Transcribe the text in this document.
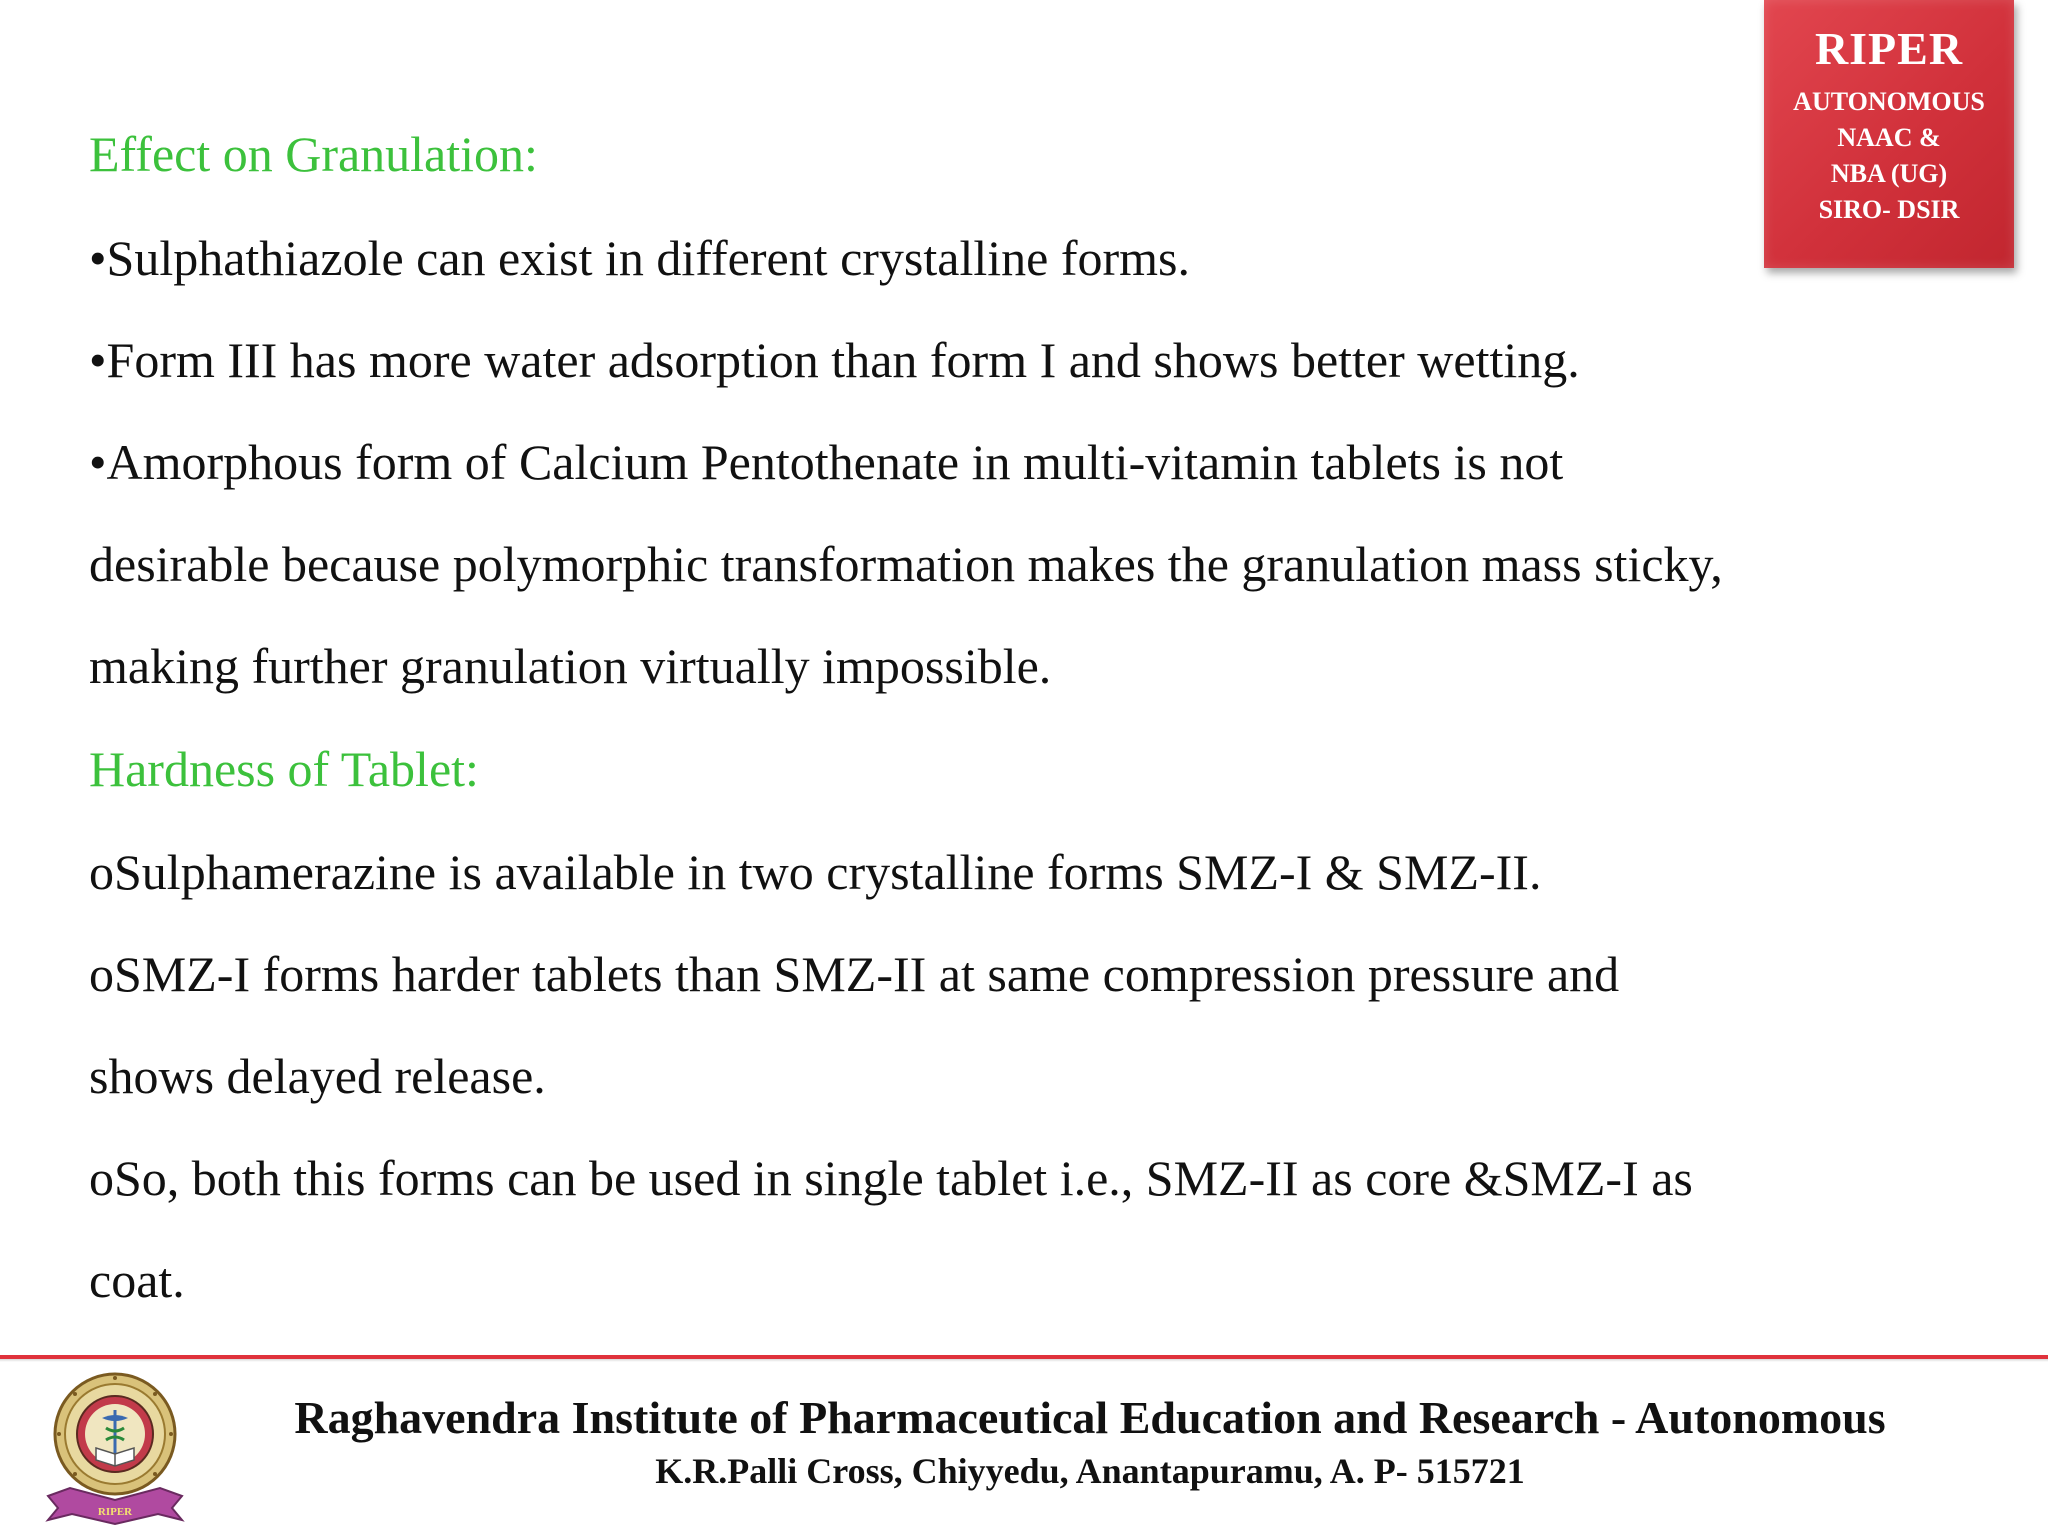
RIPER
AUTONOMOUS
NAAC &
NBA (UG)
SIRO- DSIR
Effect on Granulation:
•Sulphathiazole can exist in different crystalline forms.
•Form III has more water adsorption than form I and shows better wetting.
•Amorphous form of Calcium Pentothenate in multi-vitamin tablets is not
desirable because polymorphic transformation makes the granulation mass sticky,
making further granulation virtually impossible.
Hardness of Tablet:
oSulphamerazine is available in two crystalline forms SMZ-I & SMZ-II.
oSMZ-I forms harder tablets than SMZ-II at same compression pressure and
shows delayed release.
oSo, both this forms can be used in single tablet i.e., SMZ-II as core &SMZ-I as
coat.
RIPER
Raghavendra Institute of Pharmaceutical Education and Research - Autonomous
K.R.Palli Cross, Chiyyedu, Anantapuramu, A. P- 515721
